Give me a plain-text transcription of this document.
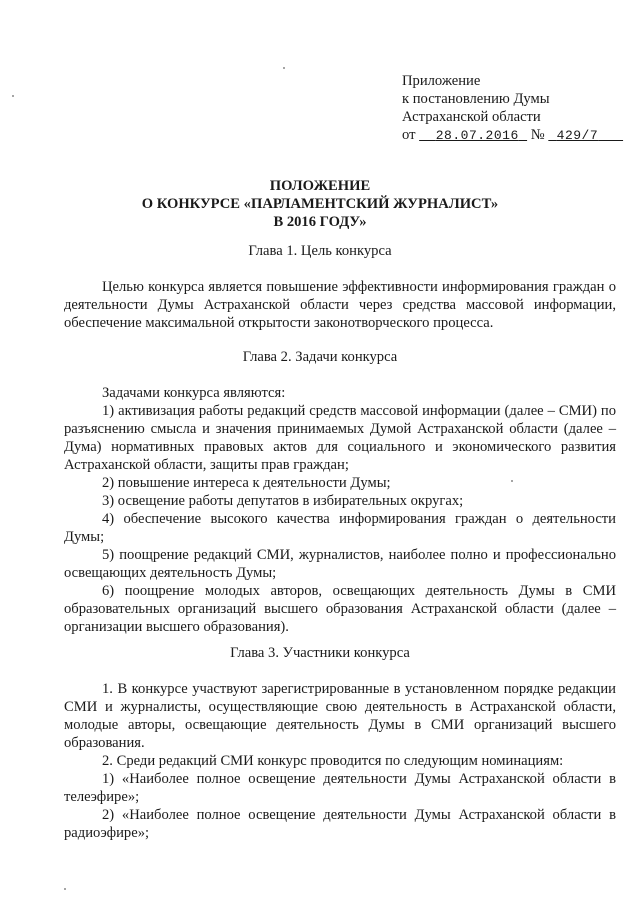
Приложение
к постановлению Думы
Астраханской области
от 28.07.2016 № 429/7
ПОЛОЖЕНИЕ
О КОНКУРСЕ «ПАРЛАМЕНТСКИЙ ЖУРНАЛИСТ»
В 2016 ГОДУ»
Глава 1. Цель конкурса

Целью конкурса является повышение эффективности информирования граждан о деятельности Думы Астраханской области через средства массовой информации, обеспечение максимальной открытости законотворческого процесса.

Глава 2. Задачи конкурса

Задачами конкурса являются:

1) активизация работы редакций средств массовой информации (далее – СМИ) по разъяснению смысла и значения принимаемых Думой Астраханской области (далее – Дума) нормативных правовых актов для социального и экономического развития Астраханской области, защиты прав граждан;

2) повышение интереса к деятельности Думы;

3) освещение работы депутатов в избирательных округах;

4) обеспечение высокого качества информирования граждан о деятельности Думы;

5) поощрение редакций СМИ, журналистов, наиболее полно и профессионально освещающих деятельность Думы;

6) поощрение молодых авторов, освещающих деятельность Думы в СМИ образовательных организаций высшего образования Астраханской области (далее – организации высшего образования).

Глава 3. Участники конкурса

1. В конкурсе участвуют зарегистрированные в установленном порядке редакции СМИ и журналисты, осуществляющие свою деятельность в Астраханской области, молодые авторы, освещающие деятельность Думы в СМИ организаций высшего образования.

2. Среди редакций СМИ конкурс проводится по следующим номинациям:

1) «Наиболее полное освещение деятельности Думы Астраханской области в телеэфире»;

2) «Наиболее полное освещение деятельности Думы Астраханской области в радиоэфире»;
